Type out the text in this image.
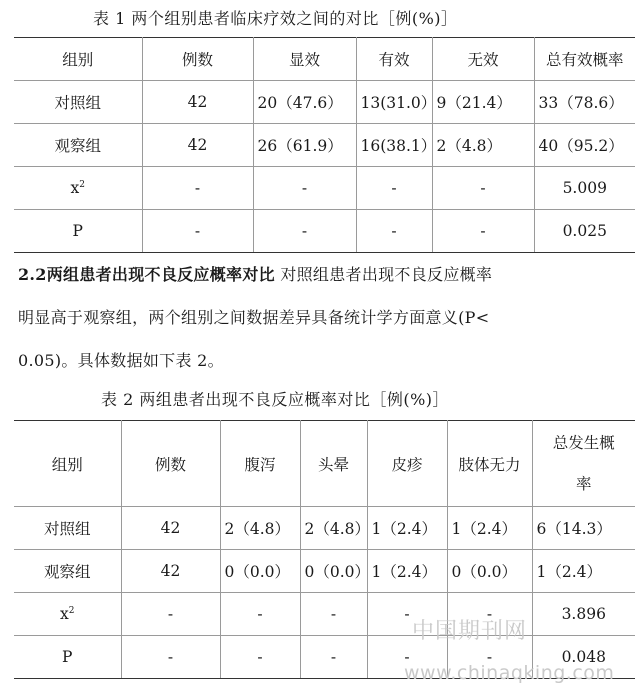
表 1 两个组别患者临床疗效之间的对比［例(%)］
组别	例数	显效	有效	无效	总有效概率
对照组	42	20（47.6）	13(31.0）	9（21.4）	33（78.6）
观察组	42	26（61.9）	16(38.1）	2（4.8）	40（95.2）
$x^2$	-	-	-	-	5.009
P	-	-	-	-	0.025
2.2两组患者出现不良反应概率对比 对照组患者出现不良反应概率
明显高于观察组，两个组别之间数据差异具备统计学方面意义(P<
0.05)。具体数据如下表 2。
表 2 两组患者出现不良反应概率对比［例(%)］
组别	例数	腹泻	头晕	皮疹	肢体无力	总发生概
率

对照组	42	2（4.8）	2（4.8）	1（2.4）	1（2.4）	6（14.3）
观察组	42	0（0.0）	0（0.0）	1（2.4）	0（0.0）	1（2.4）
$x^2$	-	-	-	-	-	3.896
P	-	-	-	-	-	0.048
中国期刊网
www.chinaqking.com
